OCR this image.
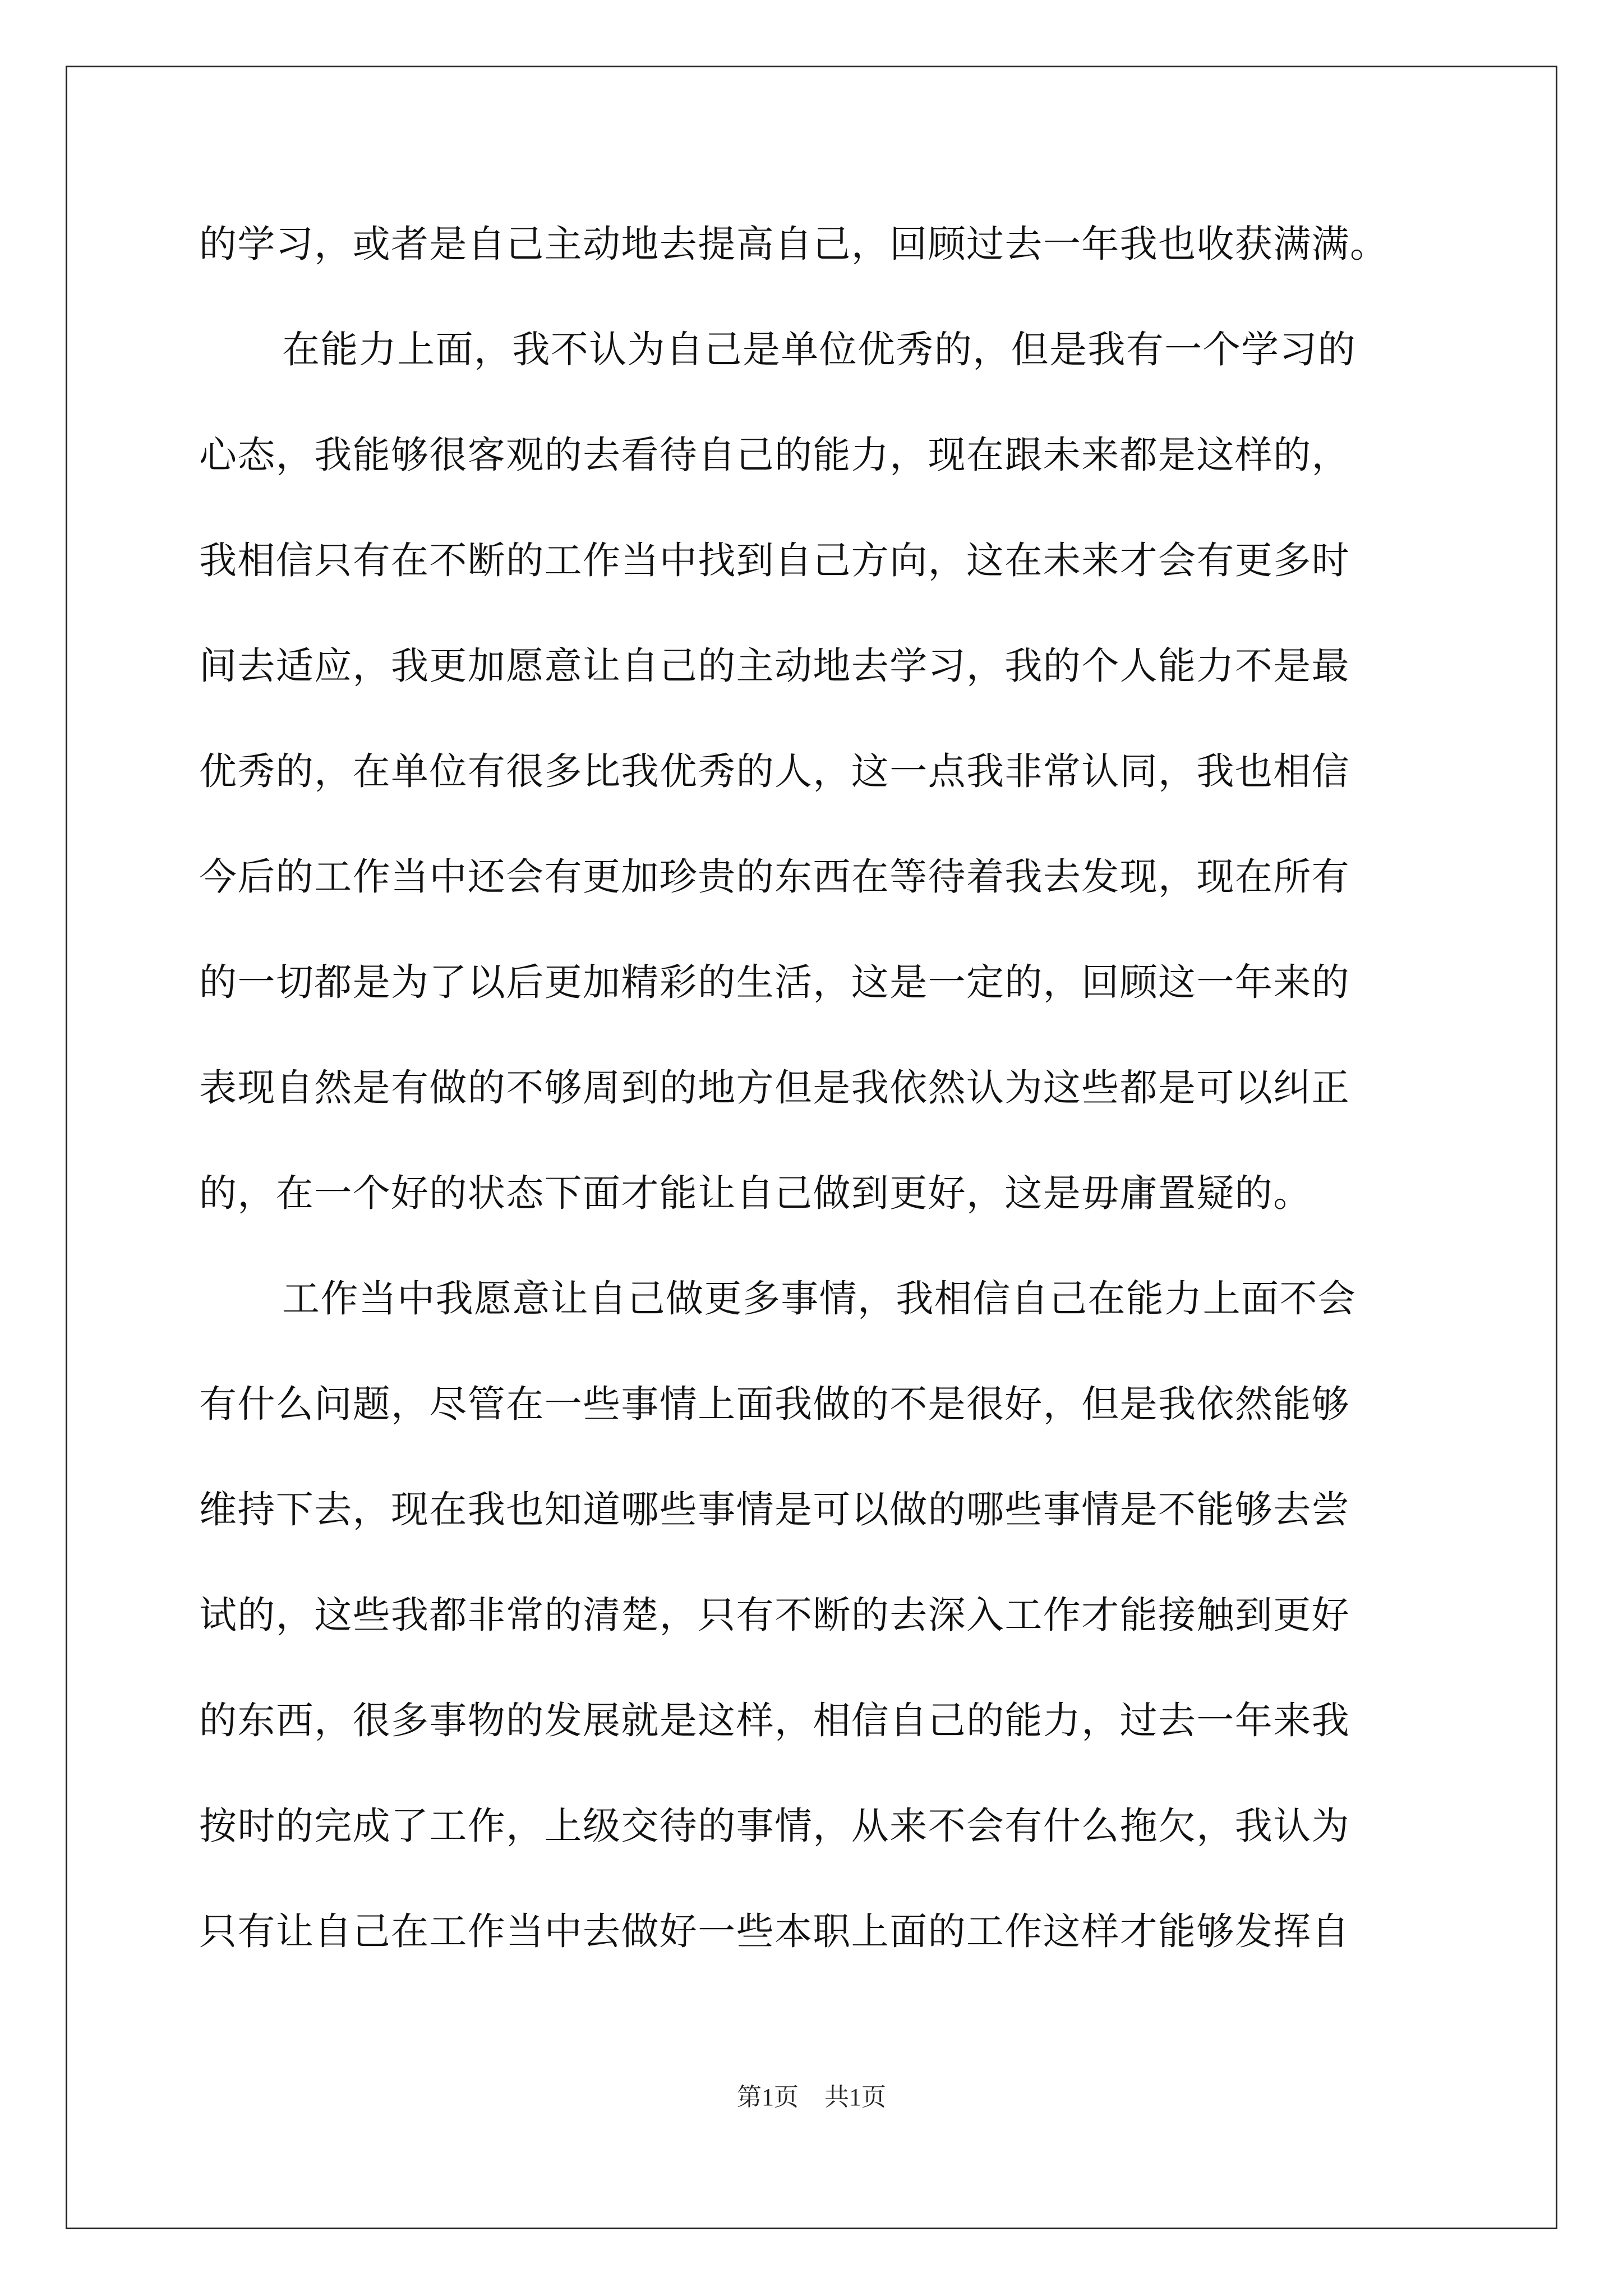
的学习，或者是自己主动地去提高自己，回顾过去一年我也收获满满。
在能力上面，我不认为自己是单位优秀的，但是我有一个学习的
心态，我能够很客观的去看待自己的能力，现在跟未来都是这样的，
我相信只有在不断的工作当中找到自己方向，这在未来才会有更多时
间去适应，我更加愿意让自己的主动地去学习，我的个人能力不是最
优秀的，在单位有很多比我优秀的人，这一点我非常认同，我也相信
今后的工作当中还会有更加珍贵的东西在等待着我去发现，现在所有
的一切都是为了以后更加精彩的生活，这是一定的，回顾这一年来的
表现自然是有做的不够周到的地方但是我依然认为这些都是可以纠正
的，在一个好的状态下面才能让自己做到更好，这是毋庸置疑的。
工作当中我愿意让自己做更多事情，我相信自己在能力上面不会
有什么问题，尽管在一些事情上面我做的不是很好，但是我依然能够
维持下去，现在我也知道哪些事情是可以做的哪些事情是不能够去尝
试的，这些我都非常的清楚，只有不断的去深入工作才能接触到更好
的东西，很多事物的发展就是这样，相信自己的能力，过去一年来我
按时的完成了工作，上级交待的事情，从来不会有什么拖欠，我认为
只有让自己在工作当中去做好一些本职上面的工作这样才能够发挥自
第1页 共1页
